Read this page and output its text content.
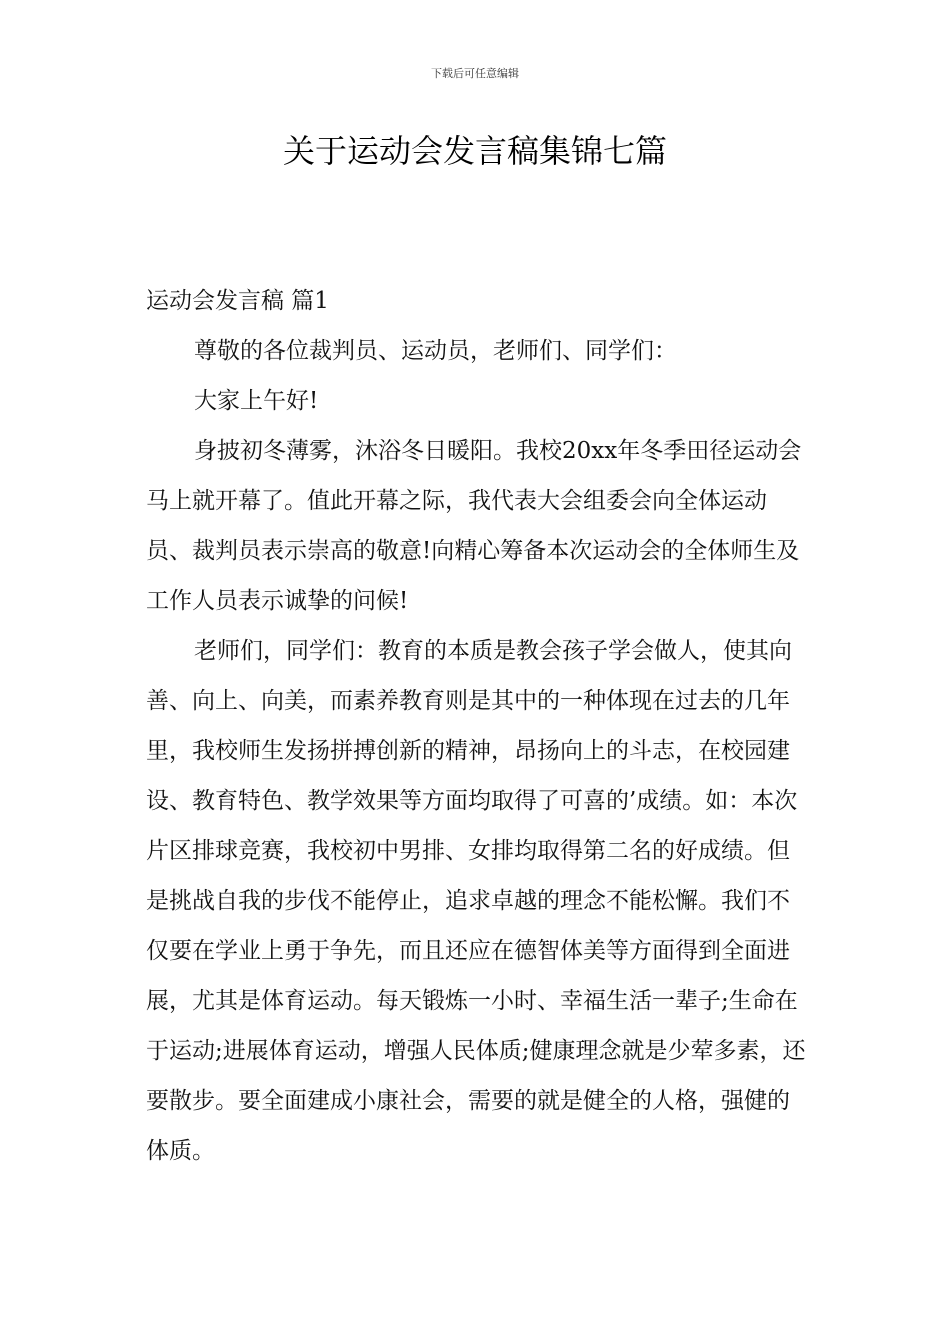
下载后可任意编辑
关于运动会发言稿集锦七篇

运动会发言稿 篇1

尊敬的各位裁判员、运动员，老师们、同学们：

大家上午好!

身披初冬薄雾，沐浴冬日暖阳。我校20xx年冬季田径运动会马上就开幕了。值此开幕之际，我代表大会组委会向全体运动员、裁判员表示崇高的敬意!向精心筹备本次运动会的全体师生及工作人员表示诚挚的问候!

老师们，同学们：教育的本质是教会孩子学会做人，使其向善、向上、向美，而素养教育则是其中的一种体现在过去的几年里，我校师生发扬拼搏创新的精神，昂扬向上的斗志，在校园建设、教育特色、教学效果等方面均取得了可喜的’成绩。如：本次片区排球竞赛，我校初中男排、女排均取得第二名的好成绩。但是挑战自我的步伐不能停止，追求卓越的理念不能松懈。我们不仅要在学业上勇于争先，而且还应在德智体美等方面得到全面进展，尤其是体育运动。每天锻炼一小时、幸福生活一辈子;生命在于运动;进展体育运动，增强人民体质;健康理念就是少荤多素，还要散步。要全面建成小康社会，需要的就是健全的人格，强健的体质。
